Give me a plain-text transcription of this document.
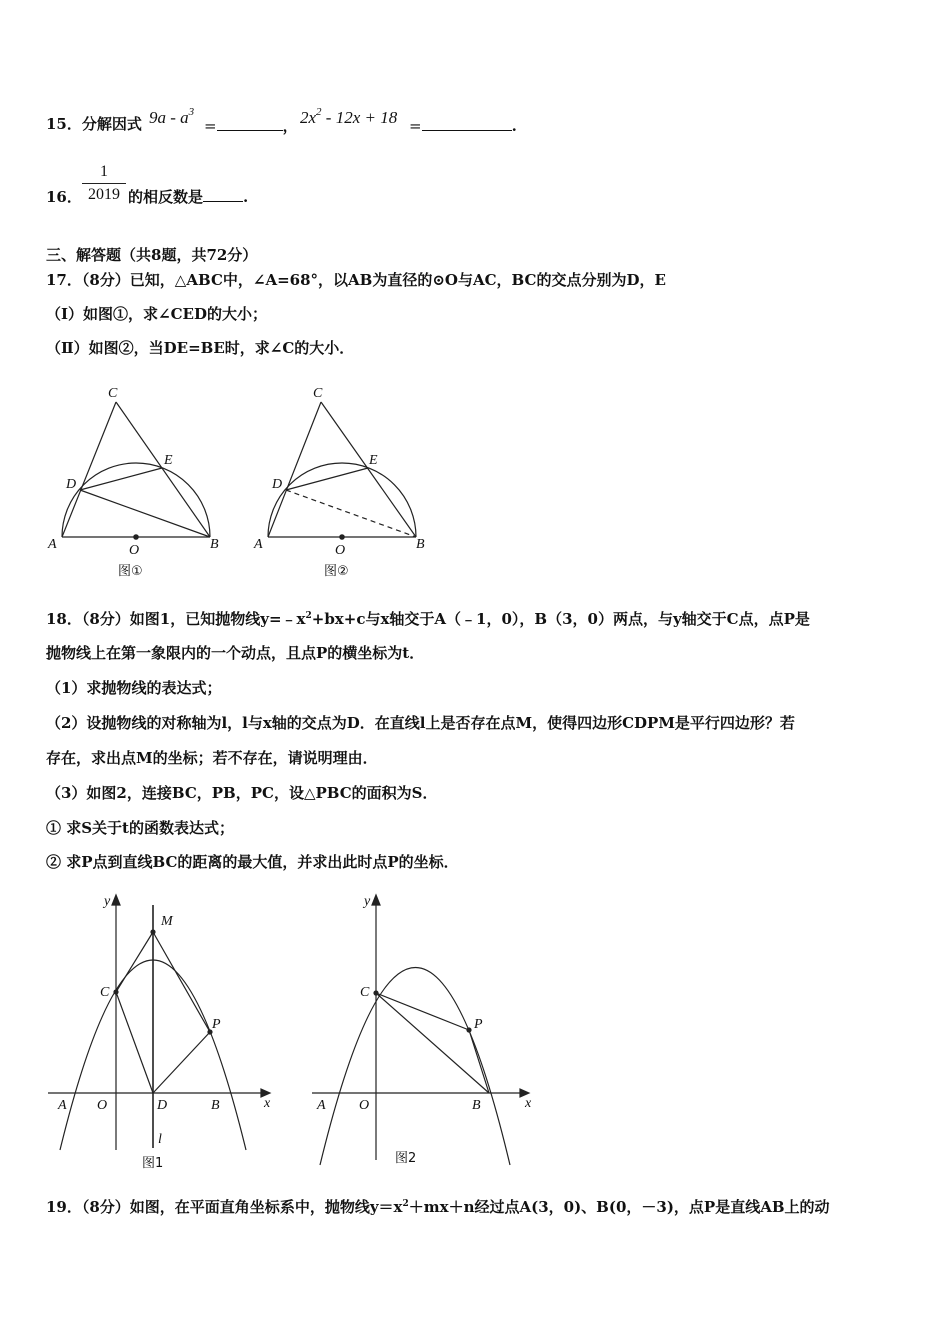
15．分解因式 $9a - a^3$
=	， $2x^2 - 12x + 18$ =	.
16．
1
2019 的相反数是	.
三、解答题（共8题，共72分）
17．（8分）已知，△ABC中，∠A=68°，以AB为直径的⊙O与AC，BC的交点分别为D，E
（Ⅰ）如图①，求∠CED的大小；
（Ⅱ）如图②，当DE=BE时，求∠C的大小．
C
D
E
A	O	B
图①
C
D
E
A	O	B
图②
18．（8分）如图1，已知抛物线$y=﹣x^2+bx+c$与x轴交于A（﹣1，0），B（3，0）两点，与y轴交于C点，点P是
抛物线上在第一象限内的一个动点，且点P的横坐标为t．
（1）求抛物线的表达式；
（2）设抛物线的对称轴为l，l与x轴的交点为D．在直线l上是否存在点M，使得四边形CDPM是平行四边形？若
存在，求出点M的坐标；若不存在，请说明理由．
（3）如图2，连接BC，PB，PC，设△PBC的面积为S．
① 求S关于t的函数表达式；
② 求P点到直线BC的距离的最大值，并求出此时点P的坐标．
y
M
C
P
A O	D	B	x
l
图1
y
C
P
A O	B	x
图2
19．（8分）如图，在平面直角坐标系中，抛物线$y=x^2+mx+n$经过点A(3，0)、B(0，－3)，点P是直线AB上的动
